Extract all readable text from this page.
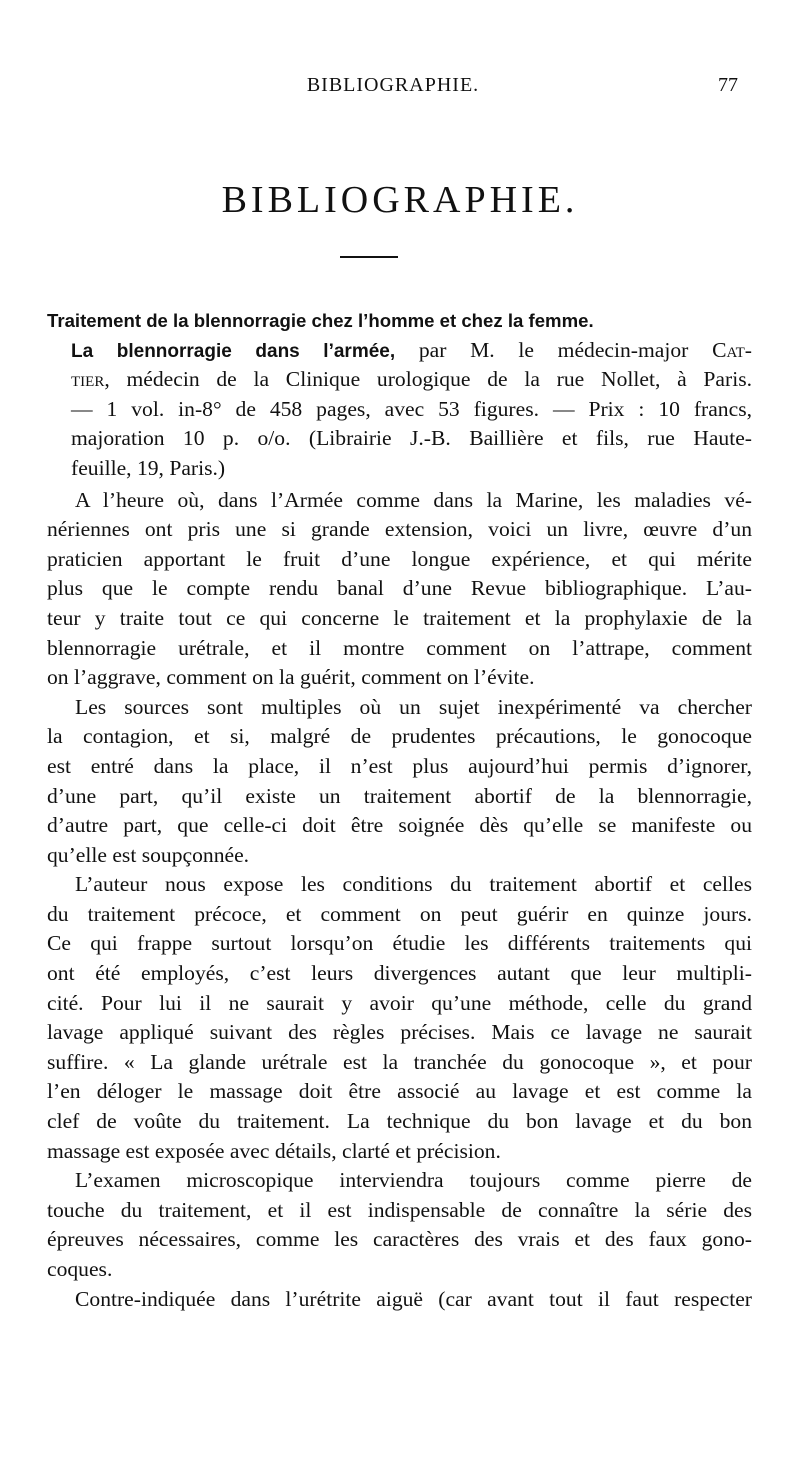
BIBLIOGRAPHIE.	77
BIBLIOGRAPHIE.
Traitement de la blennorragie chez l’homme et chez la femme.
La blennorragie dans l’armée, par M. le médecin-major Cat-
tier, médecin de la Clinique urologique de la rue Nollet, à Paris.
— 1 vol. in-8° de 458 pages, avec 53 figures. — Prix : 10 francs,
majoration 10 p. o/o. (Librairie J.-B. Baillière et fils, rue Haute-
feuille, 19, Paris.)
A l’heure où, dans l’Armée comme dans la Marine, les maladies vé-
nériennes ont pris une si grande extension, voici un livre, œuvre d’un
praticien apportant le fruit d’une longue expérience, et qui mérite
plus que le compte rendu banal d’une Revue bibliographique. L’au-
teur y traite tout ce qui concerne le traitement et la prophylaxie de la
blennorragie urétrale, et il montre comment on l’attrape, comment
on l’aggrave, comment on la guérit, comment on l’évite.
Les sources sont multiples où un sujet inexpérimenté va chercher
la contagion, et si, malgré de prudentes précautions, le gonocoque
est entré dans la place, il n’est plus aujourd’hui permis d’ignorer,
d’une part, qu’il existe un traitement abortif de la blennorragie,
d’autre part, que celle-ci doit être soignée dès qu’elle se manifeste ou
qu’elle est soupçonnée.
L’auteur nous expose les conditions du traitement abortif et celles
du traitement précoce, et comment on peut guérir en quinze jours.
Ce qui frappe surtout lorsqu’on étudie les différents traitements qui
ont été employés, c’est leurs divergences autant que leur multipli-
cité. Pour lui il ne saurait y avoir qu’une méthode, celle du grand
lavage appliqué suivant des règles précises. Mais ce lavage ne saurait
suffire. « La glande urétrale est la tranchée du gonocoque », et pour
l’en déloger le massage doit être associé au lavage et est comme la
clef de voûte du traitement. La technique du bon lavage et du bon
massage est exposée avec détails, clarté et précision.
L’examen microscopique interviendra toujours comme pierre de
touche du traitement, et il est indispensable de connaître la série des
épreuves nécessaires, comme les caractères des vrais et des faux gono-
coques.
Contre-indiquée dans l’urétrite aiguë (car avant tout il faut respecter
